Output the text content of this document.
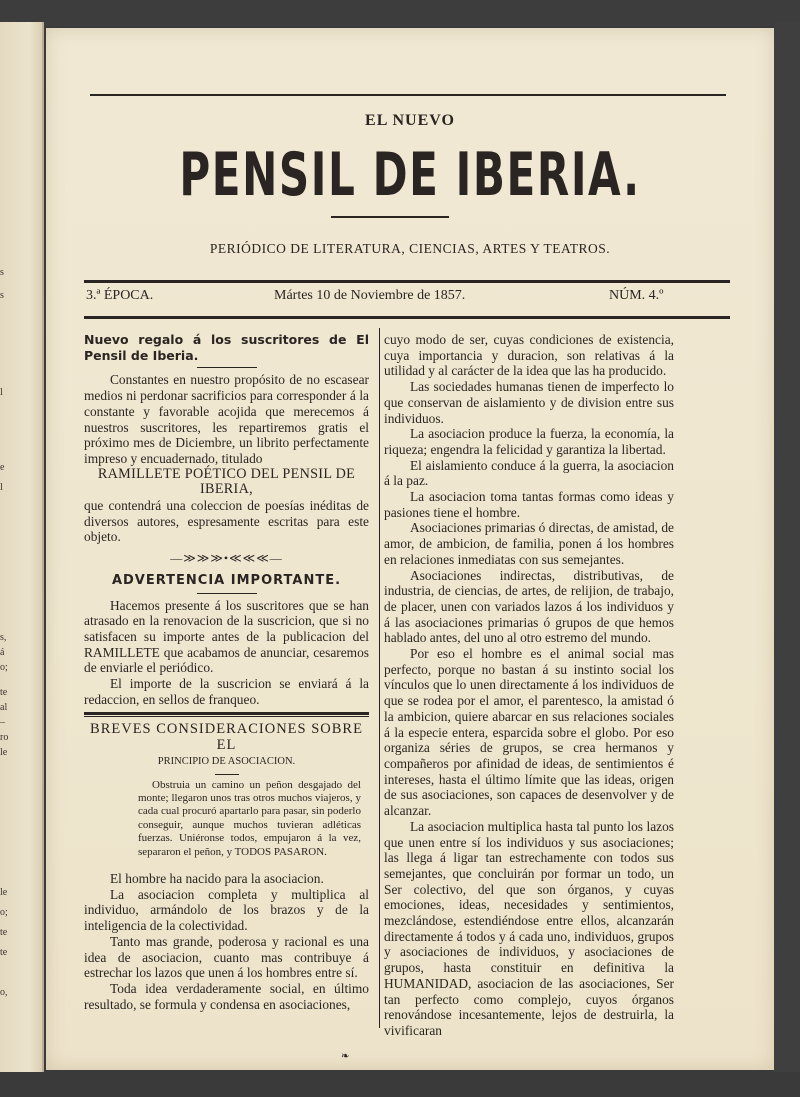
s
s
l
e
l
s,
á
o;
te
al
–
ro
le
le
o;
te
te
o,
EL NUEVO
PENSIL DE IBERIA.
PERIÓDICO DE LITERATURA, CIENCIAS, ARTES Y TEATROS.
3.ª ÉPOCA.	Mártes 10 de Noviembre de 1857.	NÚM. 4.º

Nuevo regalo á los suscritores de El Pensil de Iberia.

Constantes en nuestro propósito de no escasear medios ni perdonar sacrificios para corresponder á la constante y favorable acojida que merecemos á nuestros suscritores, les repartiremos gratis el próximo mes de Diciembre, un librito perfectamente impreso y encuadernado, titulado

RAMILLETE POÉTICO DEL PENSIL DE IBERIA,

que contendrá una coleccion de poesías inéditas de diversos autores, espresamente escritas para este objeto.

—≫≫≫•≪≪≪—
ADVERTENCIA IMPORTANTE.

Hacemos presente á los suscritores que se han atrasado en la renovacion de la suscricion, que si no satisfacen su importe antes de la publicacion del RAMILLETE que acabamos de anunciar, cesaremos de enviarle el periódico.

El importe de la suscricion se enviará á la redaccion, en sellos de franqueo.

BREVES CONSIDERACIONES SOBRE EL
PRINCIPIO DE ASOCIACION.

Obstruia un camino un peñon desgajado del monte; llegaron unos tras otros muchos viajeros, y cada cual procuró apartarlo para pasar, sin poderlo conseguir, aunque muchos tuvieran adléticas fuerzas. Uniéronse todos, empujaron á la vez, separaron el peñon, y TODOS PASARON.

El hombre ha nacido para la asociacion.

La asociacion completa y multiplica al individuo, armándolo de los brazos y de la inteligencia de la colectividad.

Tanto mas grande, poderosa y racional es una idea de asociacion, cuanto mas contribuye á estrechar los lazos que unen á los hombres entre sí.

Toda idea verdaderamente social, en último resultado, se formula y condensa en asociaciones,

cuyo modo de ser, cuyas condiciones de existencia, cuya importancia y duracion, son relativas á la utilidad y al carácter de la idea que las ha producido.

Las sociedades humanas tienen de imperfecto lo que conservan de aislamiento y de division entre sus individuos.

La asociacion produce la fuerza, la economía, la riqueza; engendra la felicidad y garantiza la libertad.

El aislamiento conduce á la guerra, la asociacion á la paz.

La asociacion toma tantas formas como ideas y pasiones tiene el hombre.

Asociaciones primarias ó directas, de amistad, de amor, de ambicion, de familia, ponen á los hombres en relaciones inmediatas con sus semejantes.

Asociaciones indirectas, distributivas, de industria, de ciencias, de artes, de relijion, de trabajo, de placer, unen con variados lazos á los individuos y á las asociaciones primarias ó grupos de que hemos hablado antes, del uno al otro estremo del mundo.

Por eso el hombre es el animal social mas perfecto, porque no bastan á su instinto social los vínculos que lo unen directamente á los individuos de que se rodea por el amor, el parentesco, la amistad ó la ambicion, quiere abarcar en sus relaciones sociales á la especie entera, esparcida sobre el globo. Por eso organiza séries de grupos, se crea hermanos y compañeros por afinidad de ideas, de sentimientos é intereses, hasta el último límite que las ideas, origen de sus asociaciones, son capaces de desenvolver y de alcanzar.

La asociacion multiplica hasta tal punto los lazos que unen entre sí los individuos y sus asociaciones; las llega á ligar tan estrechamente con todos sus semejantes, que concluirán por formar un todo, un Ser colectivo, del que son órganos, y cuyas emociones, ideas, necesidades y sentimientos, mezclándose, estendiéndose entre ellos, alcanzarán directamente á todos y á cada uno, individuos, grupos y asociaciones de individuos, y asociaciones de grupos, hasta constituir en definitiva la HUMANIDAD, asociacion de las asociaciones, Ser tan perfecto como complejo, cuyos órganos renovándose incesantemente, lejos de destruirla, la vivificaran

❧
